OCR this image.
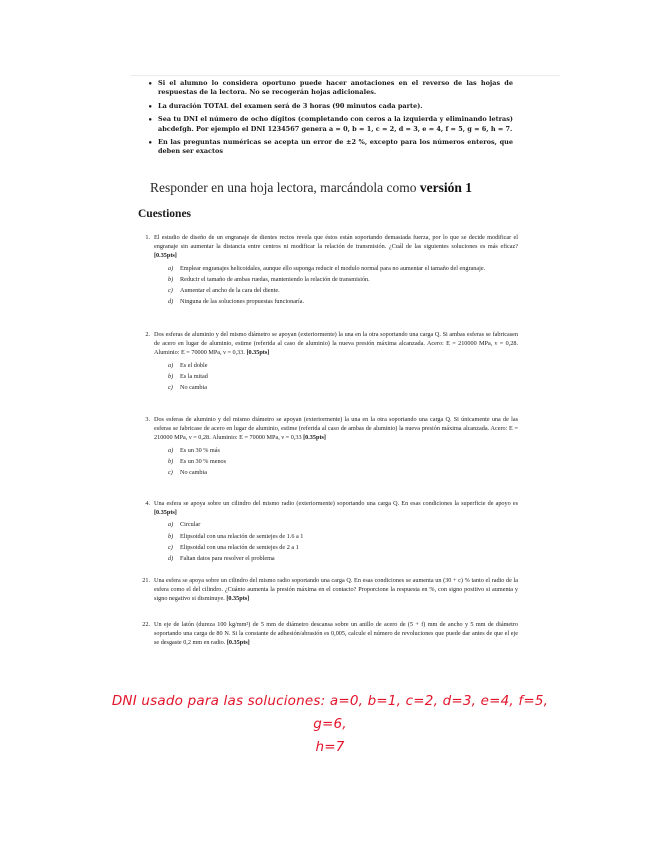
• Si el alumno lo considera oportuno puede hacer anotaciones en el reverso de las hojas de respuestas de la lectora. No se recogerán hojas adicionales.
• La duración TOTAL del examen será de 3 horas (90 minutos cada parte).
• Sea tu DNI el número de ocho dígitos (completando con ceros a la izquierda y eliminando letras) abcdefgh. Por ejemplo el DNI 1234567 genera a = 0, b = 1, c = 2, d = 3, e = 4, f = 5, g = 6, h = 7.
• En las preguntas numéricas se acepta un error de ±2 %, excepto para los números enteros, que deben ser exactos
Responder en una hoja lectora, marcándola como versión 1
Cuestiones
1. El estudio de diseño de un engranaje de dientes rectos revela que éstos están soportando demasiada fuerza, por lo que se decide modificar el engranaje sin aumentar la distancia entre centros ni modificar la relación de transmisión. ¿Cuál de las siguientes soluciones es más eficaz? [0.35pts]
a) Emplear engranajes helicoidales, aunque ello suponga reducir el modulo normal para no aumentar el tamaño del engranaje.
b) Reducir el tamaño de ambas ruedas, manteniendo la relación de transmisión.
c) Aumentar el ancho de la cara del diente.
d) Ninguna de las soluciones propuestas funcionaría.
2. Dos esferas de aluminio y del mismo diámetro se apoyan (exteriormente) la una en la otra soportando una carga Q. Si ambas esferas se fabricasen de acero en lugar de aluminio, estime (referida al caso de aluminio) la nueva presión máxima alcanzada. Acero: E = 210000 MPa, ν = 0,28. Aluminio: E = 70000 MPa, ν = 0,33. [0.35pts]
a) Es el doble
b) Es la mitad
c) No cambia
3. Dos esferas de aluminio y del mismo diámetro se apoyan (exteriormente) la una en la otra soportando una carga Q. Si únicamente una de las esferas se fabricase de acero en lugar de aluminio, estime (referida al caso de ambas de aluminio) la nueva presión máxima alcanzada. Acero: E = 210000 MPa, ν = 0,28. Aluminio: E = 70000 MPa, ν = 0,33 [0.35pts]
a) Es un 30 % más
b) Es un 30 % menos
c) No cambia
4. Una esfera se apoya sobre un cilindro del mismo radio (exteriormente) soportando una carga Q. En esas condiciones la superficie de apoyo es [0.35pts]
a) Circular
b) Elipsoidal con una relación de semiejes de 1.6 a 1
c) Elipsoidal con una relación de semiejes de 2 a 1
d) Faltan datos para resolver el problema
21. Una esfera se apoya sobre un cilindro del mismo radio soportando una carga Q. En esas condiciones se aumenta un (30 + c) % tanto el radio de la esfera como el del cilindro. ¿Cuánto aumenta la presión máxima en el contacto? Proporcione la respuesta en %, con signo positivo si aumenta y signo negativo si disminuye. [0.35pts]
22. Un eje de latón (dureza 100 kg/mm²) de 5 mm de diámetro descansa sobre un anillo de acero de (5 + f) mm de ancho y 5 mm de diámetro soportando una carga de 80 N. Si la constante de adhesión/abrasión es 0,005, calcule el número de revoluciones que puede dar antes de que el eje se desgaste 0,2 mm en radio. [0.35pts]
DNI usado para las soluciones: a=0, b=1, c=2, d=3, e=4, f=5, g=6,
h=7
